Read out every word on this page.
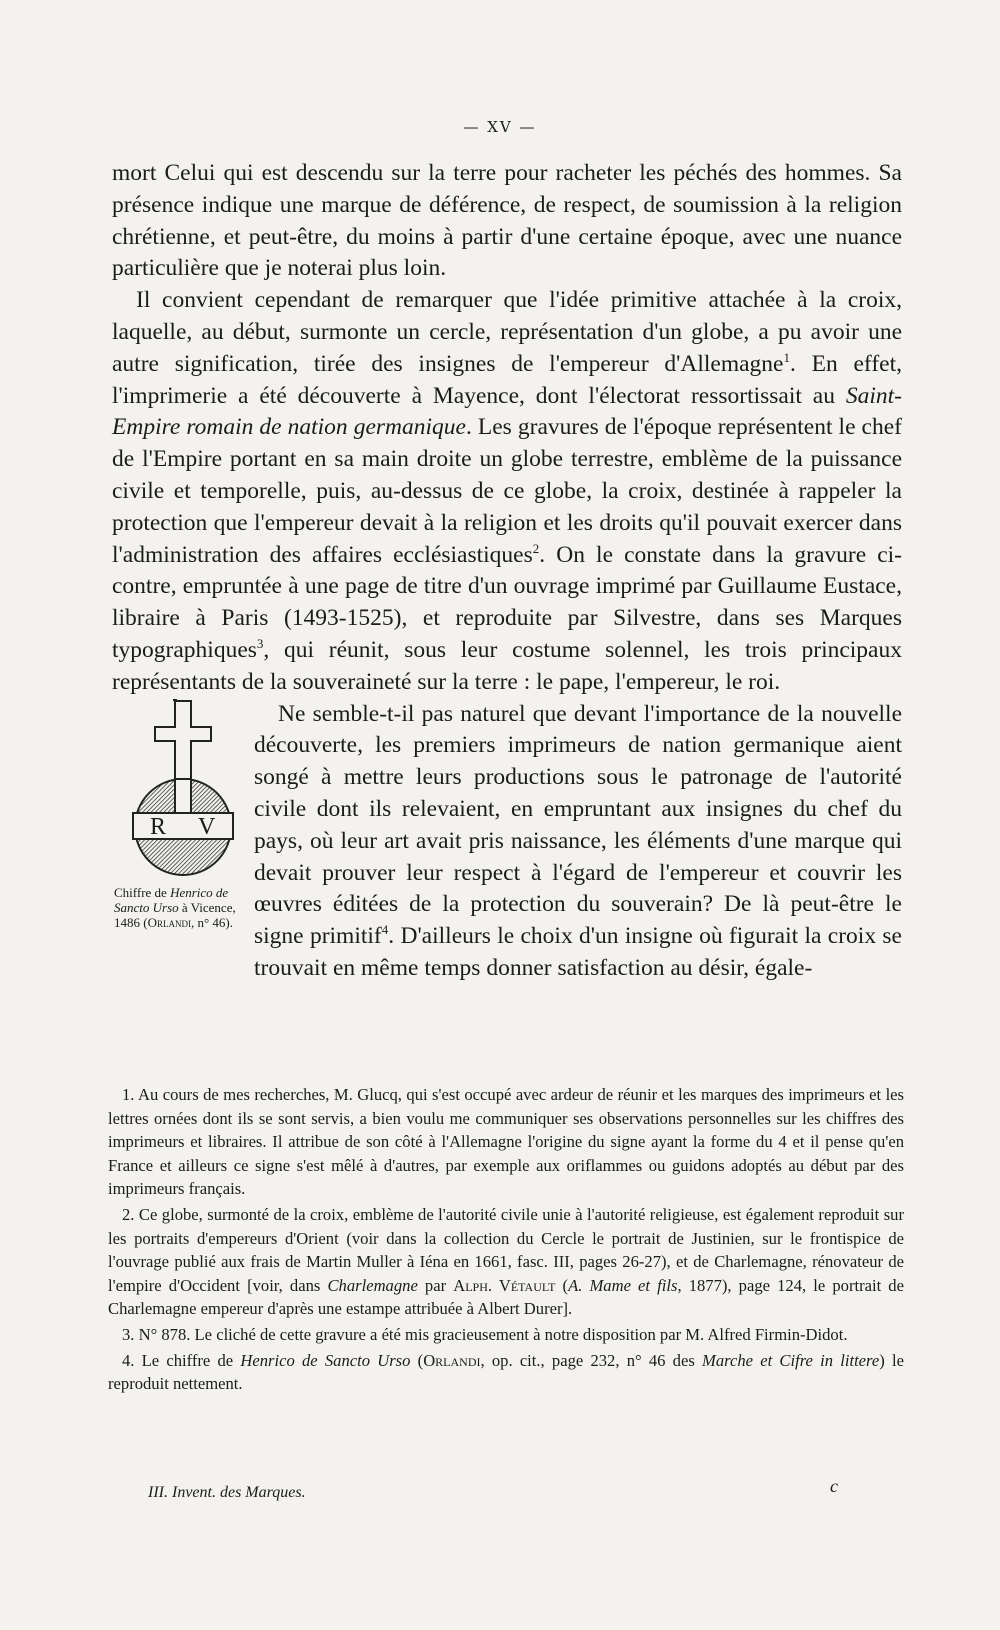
— XV —

mort Celui qui est descendu sur la terre pour racheter les péchés des hommes. Sa présence indique une marque de déférence, de respect, de soumission à la religion chrétienne, et peut-être, du moins à partir d'une certaine époque, avec une nuance particulière que je noterai plus loin.

Il convient cependant de remarquer que l'idée primitive attachée à la croix, laquelle, au début, surmonte un cercle, représentation d'un globe, a pu avoir une autre signification, tirée des insignes de l'empereur d'Allemagne$^1$. En effet, l'imprimerie a été découverte à Mayence, dont l'électorat ressortissait au Saint-Empire romain de nation germanique. Les gravures de l'époque représentent le chef de l'Empire portant en sa main droite un globe terrestre, emblème de la puissance civile et temporelle, puis, au-dessus de ce globe, la croix, destinée à rappeler la protection que l'empereur devait à la religion et les droits qu'il pouvait exercer dans l'administration des affaires ecclésiastiques$^2$. On le constate dans la gravure ci-contre, empruntée à une page de titre d'un ouvrage imprimé par Guillaume Eustace, libraire à Paris (1493-1525), et reproduite par Silvestre, dans ses Marques typographiques$^3$, qui réunit, sous leur costume solennel, les trois principaux représentants de la souveraineté sur la terre : le pape, l'empereur, le roi.

R V
Chiffre de Henrico de Sancto Urso à Vicence, 1486 (Orlandi, n° 46).

Ne semble-t-il pas naturel que devant l'importance de la nouvelle découverte, les premiers imprimeurs de nation germanique aient songé à mettre leurs productions sous le patronage de l'autorité civile dont ils relevaient, en empruntant aux insignes du chef du pays, où leur art avait pris naissance, les éléments d'une marque qui devait prouver leur respect à l'égard de l'empereur et couvrir les œuvres éditées de la protection du souverain? De là peut-être le signe primitif$^4$. D'ailleurs le choix d'un insigne où figurait la croix se trouvait en même temps donner satisfaction au désir, égale-

1. Au cours de mes recherches, M. Glucq, qui s'est occupé avec ardeur de réunir et les marques des imprimeurs et les lettres ornées dont ils se sont servis, a bien voulu me communiquer ses observations personnelles sur les chiffres des imprimeurs et libraires. Il attribue de son côté à l'Allemagne l'origine du signe ayant la forme du 4 et il pense qu'en France et ailleurs ce signe s'est mêlé à d'autres, par exemple aux oriflammes ou guidons adoptés au début par des imprimeurs français.

2. Ce globe, surmonté de la croix, emblème de l'autorité civile unie à l'autorité religieuse, est également reproduit sur les portraits d'empereurs d'Orient (voir dans la collection du Cercle le portrait de Justinien, sur le frontispice de l'ouvrage publié aux frais de Martin Muller à Iéna en 1661, fasc. III, pages 26-27), et de Charlemagne, rénovateur de l'empire d'Occident [voir, dans Charlemagne par Alph. Vétault (A. Mame et fils, 1877), page 124, le portrait de Charlemagne empereur d'après une estampe attribuée à Albert Durer].

3. N° 878. Le cliché de cette gravure a été mis gracieusement à notre disposition par M. Alfred Firmin-Didot.

4. Le chiffre de Henrico de Sancto Urso (Orlandi, op. cit., page 232, n° 46 des Marche et Cifre in littere) le reproduit nettement.

III. Invent. des Marques.	c
